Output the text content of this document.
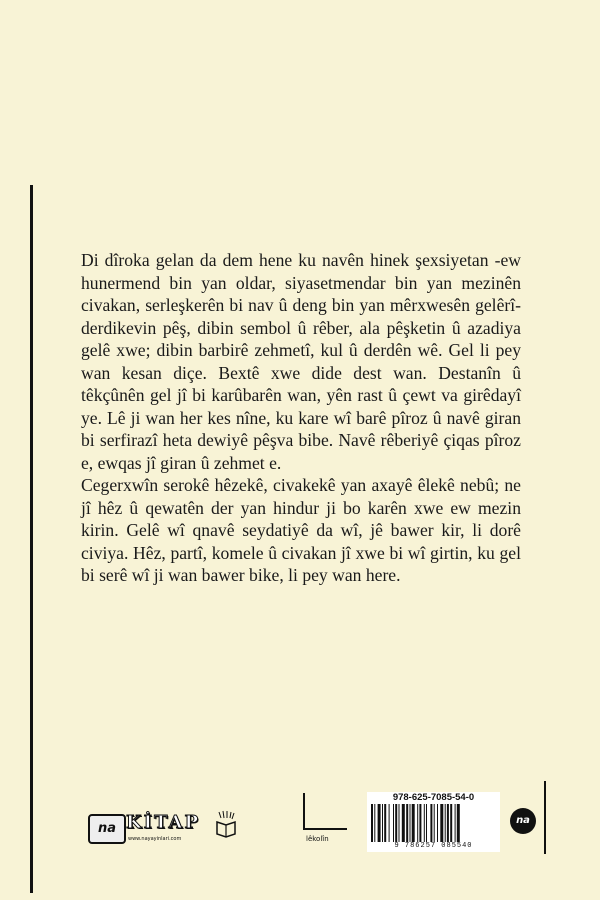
Di dîroka gelan da dem hene ku navên hinek şexsiyetan -ew hunermend bin yan oldar, siyasetmendar bin yan mezinên civakan, serleşkerên bi nav û deng bin yan mêrxwesên gelêrî- derdikevin pêş, dibin sembol û rêber, ala pêşketin û azadiya gelê xwe; dibin barbirê zehmetî, kul û derdên wê. Gel li pey wan kesan diçe. Bextê xwe dide dest wan. Destanîn û têkçûnên gel jî bi karûbarên wan, yên rast û çewt va girêdayî ye. Lê ji wan her kes nîne, ku kare wî barê pîroz û navê giran bi serfirazî heta dewiyê pêşva bibe. Navê rêberiyê çiqas pîroz e, ewqas jî giran û zehmet e.

Cegerxwîn serokê hêzekê, civakekê yan axayê êlekê nebû; ne jî hêz û qewatên der yan hindur ji bo karên xwe ew mezin kirin. Gelê wî qnavê seydatiyê da wî, jê bawer kir, li dorê civiya. Hêz, partî, komele û civakan jî xwe bi wî girtin, ku gel bi serê wî ji wan bawer bike, li pey wan here.

na KİTAP
www.nayayinlari.com	lêkolîn
978-625-7085-54-0
9 786257 085540
na
